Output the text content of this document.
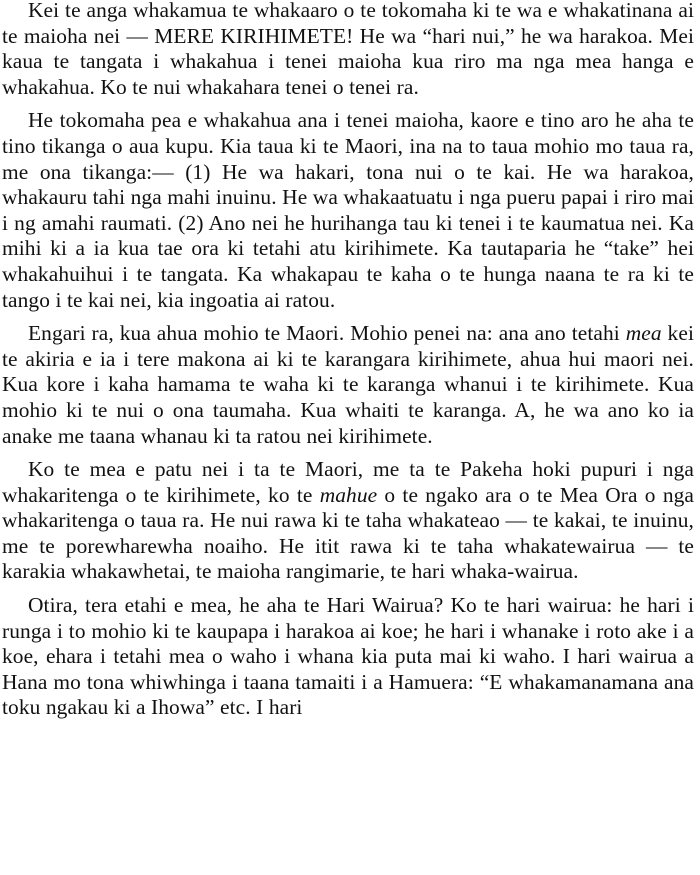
Kei te anga whakamua te whakaaro o te tokomaha ki te wa e whakatinana ai te maioha nei — MERE KIRIHIMETE! He wa “hari nui,” he wa harakoa. Mei kaua te tangata i whakahua i tenei maioha kua riro ma nga mea hanga e whakahua. Ko te nui whakahara tenei o tenei ra.

He tokomaha pea e whakahua ana i tenei maioha, kaore e tino aro he aha te tino tikanga o aua kupu. Kia taua ki te Maori, ina na to taua mohio mo taua ra, me ona tikanga:— (1) He wa hakari, tona nui o te kai. He wa harakoa, whakauru tahi nga mahi inuinu. He wa whakaatuatu i nga pueru papai i riro mai i ng amahi raumati. (2) Ano nei he hurihanga tau ki tenei i te kaumatua nei. Ka mihi ki a ia kua tae ora ki tetahi atu kirihimete. Ka tautaparia he “take” hei whakahuihui i te tangata. Ka whakapau te kaha o te hunga naana te ra ki te tango i te kai nei, kia ingoatia ai ratou.

Engari ra, kua ahua mohio te Maori. Mohio penei na: ana ano tetahi mea kei te akiria e ia i tere makona ai ki te karangara kirihimete, ahua hui maori nei. Kua kore i kaha hamama te waha ki te karanga whanui i te kirihimete. Kua mohio ki te nui o ona taumaha. Kua whaiti te karanga. A, he wa ano ko ia anake me taana whanau ki ta ratou nei kirihimete.

Ko te mea e patu nei i ta te Maori, me ta te Pakeha hoki pupuri i nga whakaritenga o te kirihimete, ko te mahue o te ngako ara o te Mea Ora o nga whakaritenga o taua ra. He nui rawa ki te taha whakateao — te kakai, te inuinu, me te porewharewha noaiho. He itit rawa ki te taha whakatewairua — te karakia whakawhetai, te maioha rangimarie, te hari whaka-wairua.

Otira, tera etahi e mea, he aha te Hari Wairua? Ko te hari wairua: he hari i runga i to mohio ki te kaupapa i harakoa ai koe; he hari i whanake i roto ake i a koe, ehara i tetahi mea o waho i whana kia puta mai ki waho. I hari wairua a Hana mo tona whiwhinga i taana tamaiti i a Hamuera: “E whakamanamana ana toku ngakau ki a Ihowa” etc. I hari
